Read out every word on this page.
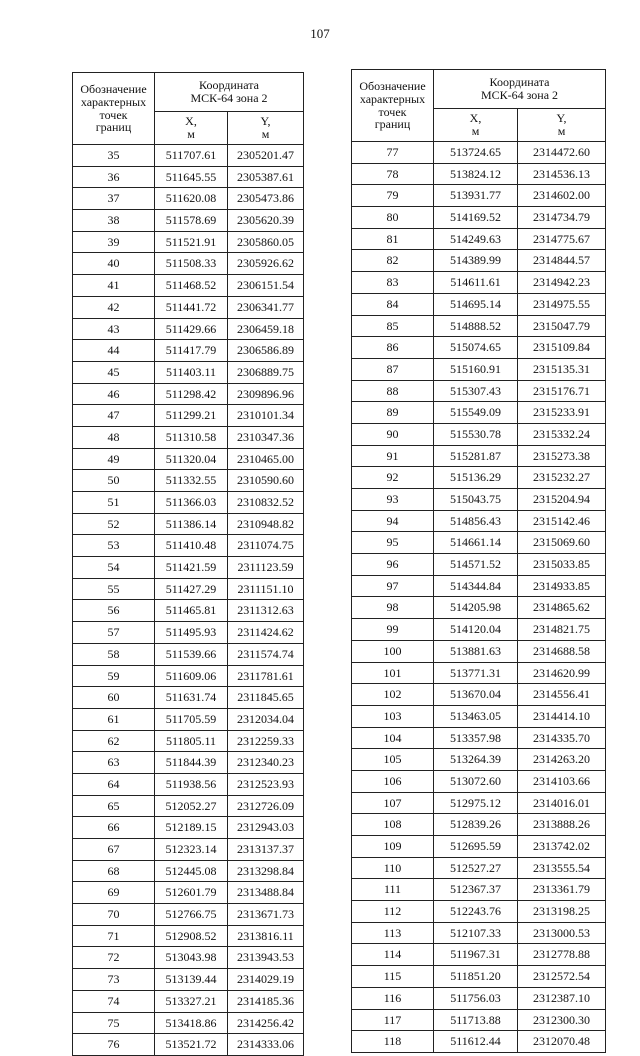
107
Обозначение
характерных
точек
границ	Координата
МСК-64 зона 2	

	X,
м	Y,
м

35	511707.61	2305201.47
36	511645.55	2305387.61
37	511620.08	2305473.86
38	511578.69	2305620.39
39	511521.91	2305860.05
40	511508.33	2305926.62
41	511468.52	2306151.54
42	511441.72	2306341.77
43	511429.66	2306459.18
44	511417.79	2306586.89
45	511403.11	2306889.75
46	511298.42	2309896.96
47	511299.21	2310101.34
48	511310.58	2310347.36
49	511320.04	2310465.00
50	511332.55	2310590.60
51	511366.03	2310832.52
52	511386.14	2310948.82
53	511410.48	2311074.75
54	511421.59	2311123.59
55	511427.29	2311151.10
56	511465.81	2311312.63
57	511495.93	2311424.62
58	511539.66	2311574.74
59	511609.06	2311781.61
60	511631.74	2311845.65
61	511705.59	2312034.04
62	511805.11	2312259.33
63	511844.39	2312340.23
64	511938.56	2312523.93
65	512052.27	2312726.09
66	512189.15	2312943.03
67	512323.14	2313137.37
68	512445.08	2313298.84
69	512601.79	2313488.84
70	512766.75	2313671.73
71	512908.52	2313816.11
72	513043.98	2313943.53
73	513139.44	2314029.19
74	513327.21	2314185.36
75	513418.86	2314256.42
76	513521.72	2314333.06
Обозначение
характерных
точек
границ	Координата
МСК-64 зона 2	

	X,
м	Y,
м

77	513724.65	2314472.60
78	513824.12	2314536.13
79	513931.77	2314602.00
80	514169.52	2314734.79
81	514249.63	2314775.67
82	514389.99	2314844.57
83	514611.61	2314942.23
84	514695.14	2314975.55
85	514888.52	2315047.79
86	515074.65	2315109.84
87	515160.91	2315135.31
88	515307.43	2315176.71
89	515549.09	2315233.91
90	515530.78	2315332.24
91	515281.87	2315273.38
92	515136.29	2315232.27
93	515043.75	2315204.94
94	514856.43	2315142.46
95	514661.14	2315069.60
96	514571.52	2315033.85
97	514344.84	2314933.85
98	514205.98	2314865.62
99	514120.04	2314821.75
100	513881.63	2314688.58
101	513771.31	2314620.99
102	513670.04	2314556.41
103	513463.05	2314414.10
104	513357.98	2314335.70
105	513264.39	2314263.20
106	513072.60	2314103.66
107	512975.12	2314016.01
108	512839.26	2313888.26
109	512695.59	2313742.02
110	512527.27	2313555.54
111	512367.37	2313361.79
112	512243.76	2313198.25
113	512107.33	2313000.53
114	511967.31	2312778.88
115	511851.20	2312572.54
116	511756.03	2312387.10
117	511713.88	2312300.30
118	511612.44	2312070.48
